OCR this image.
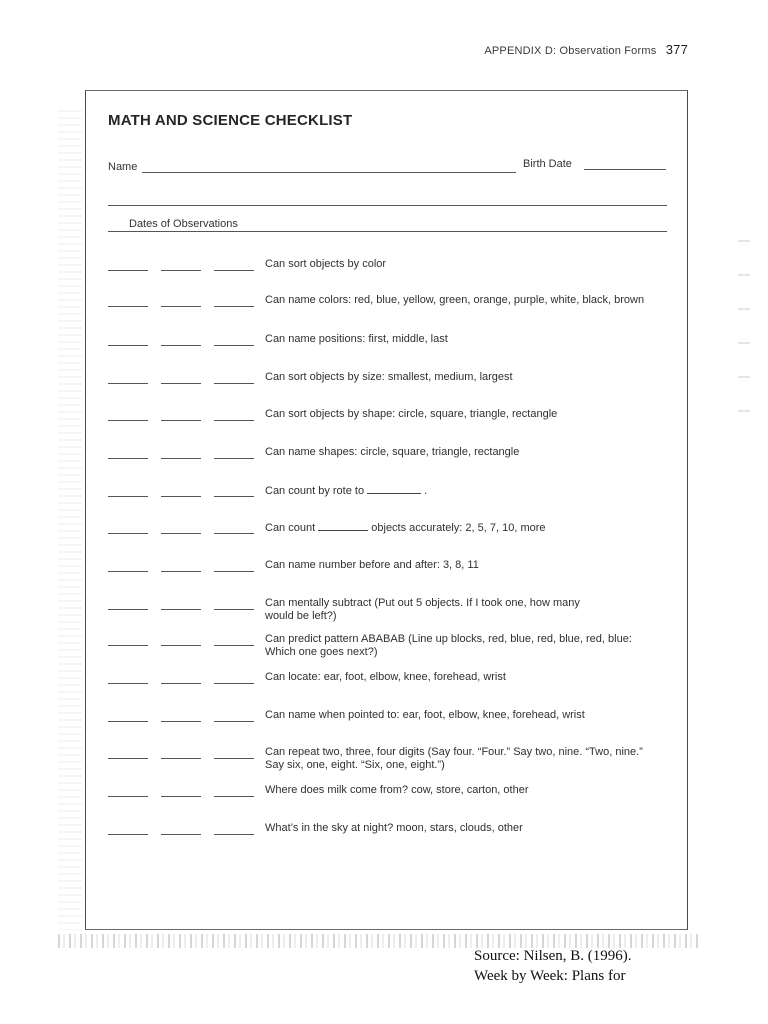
APPENDIX D: Observation Forms 377
MATH AND SCIENCE CHECKLIST
Name	Birth Date
Dates of Observations
Can sort objects by color
Can name colors: red, blue, yellow, green, orange, purple, white, black, brown
Can name positions: first, middle, last
Can sort objects by size: smallest, medium, largest
Can sort objects by shape: circle, square, triangle, rectangle
Can name shapes: circle, square, triangle, rectangle
Can count by rote to	.
Can count	objects accurately: 2, 5, 7, 10, more
Can name number before and after: 3, 8, 11
Can mentally subtract (Put out 5 objects. If I took one, how many
would be left?)
Can predict pattern ABABAB (Line up blocks, red, blue, red, blue, red, blue:
Which one goes next?)
Can locate: ear, foot, elbow, knee, forehead, wrist
Can name when pointed to: ear, foot, elbow, knee, forehead, wrist
Can repeat two, three, four digits (Say four. “Four.” Say two, nine. “Two, nine.”
Say six, one, eight. “Six, one, eight.”)
Where does milk come from? cow, store, carton, other
What’s in the sky at night? moon, stars, clouds, other
Source: Nilsen, B. (1996).
Week by Week: Plans for
